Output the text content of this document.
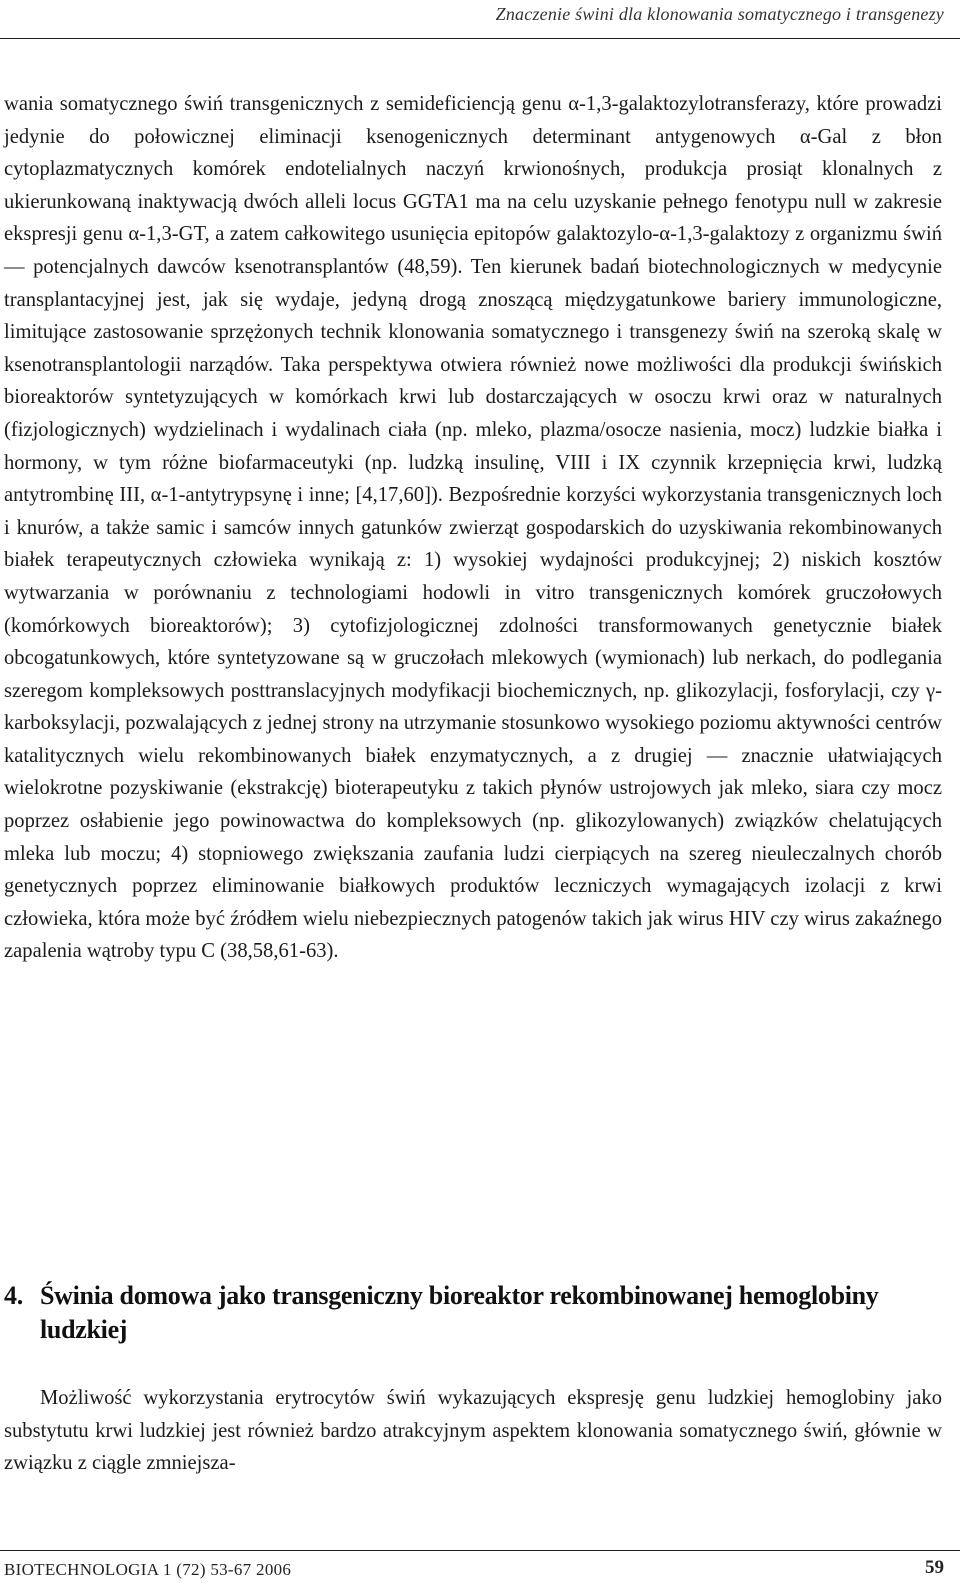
Znaczenie świni dla klonowania somatycznego i transgenezy

wania somatycznego świń transgenicznych z semideficiencją genu α-1,3-galaktozylotransferazy, które prowadzi jedynie do połowicznej eliminacji ksenogenicznych determinant antygenowych α-Gal z błon cytoplazmatycznych komórek endotelialnych naczyń krwionośnych, produkcja prosiąt klonalnych z ukierunkowaną inaktywacją dwóch alleli locus GGTA1 ma na celu uzyskanie pełnego fenotypu null w zakresie ekspresji genu α-1,3-GT, a zatem całkowitego usunięcia epitopów galaktozylo-α-1,3-galaktozy z organizmu świń — potencjalnych dawców ksenotransplantów (48,59). Ten kierunek badań biotechnologicznych w medycynie transplantacyjnej jest, jak się wydaje, jedyną drogą znoszącą międzygatunkowe bariery immunologiczne, limitujące zastosowanie sprzężonych technik klonowania somatycznego i transgenezy świń na szeroką skalę w ksenotransplantologii narządów. Taka perspektywa otwiera również nowe możliwości dla produkcji świńskich bioreaktorów syntetyzujących w komórkach krwi lub dostarczających w osoczu krwi oraz w naturalnych (fizjologicznych) wydzielinach i wydalinach ciała (np. mleko, plazma/osocze nasienia, mocz) ludzkie białka i hormony, w tym różne biofarmaceutyki (np. ludzką insulinę, VIII i IX czynnik krzepnięcia krwi, ludzką antytrombinę III, α-1-antytrypsynę i inne; [4,17,60]). Bezpośrednie korzyści wykorzystania transgenicznych loch i knurów, a także samic i samców innych gatunków zwierząt gospodarskich do uzyskiwania rekombinowanych białek terapeutycznych człowieka wynikają z: 1) wysokiej wydajności produkcyjnej; 2) niskich kosztów wytwarzania w porównaniu z technologiami hodowli in vitro transgenicznych komórek gruczołowych (komórkowych bioreaktorów); 3) cytofizjologicznej zdolności transformowanych genetycznie białek obcogatunkowych, które syntetyzowane są w gruczołach mlekowych (wymionach) lub nerkach, do podlegania szeregom kompleksowych posttranslacyjnych modyfikacji biochemicznych, np. glikozylacji, fosforylacji, czy γ-karboksylacji, pozwalających z jednej strony na utrzymanie stosunkowo wysokiego poziomu aktywności centrów katalitycznych wielu rekombinowanych białek enzymatycznych, a z drugiej — znacznie ułatwiających wielokrotne pozyskiwanie (ekstrakcję) bioterapeutyku z takich płynów ustrojowych jak mleko, siara czy mocz poprzez osłabienie jego powinowactwa do kompleksowych (np. glikozylowanych) związków chelatujących mleka lub moczu; 4) stopniowego zwiększania zaufania ludzi cierpiących na szereg nieuleczalnych chorób genetycznych poprzez eliminowanie białkowych produktów leczniczych wymagających izolacji z krwi człowieka, która może być źródłem wielu niebezpiecznych patogenów takich jak wirus HIV czy wirus zakaźnego zapalenia wątroby typu C (38,58,61-63).

4. Świnia domowa jako transgeniczny bioreaktor rekombinowanej hemoglobiny ludzkiej

Możliwość wykorzystania erytrocytów świń wykazujących ekspresję genu ludzkiej hemoglobiny jako substytutu krwi ludzkiej jest również bardzo atrakcyjnym aspektem klonowania somatycznego świń, głównie w związku z ciągle zmniejsza-

BIOTECHNOLOGIA 1 (72) 53-67 2006	59
